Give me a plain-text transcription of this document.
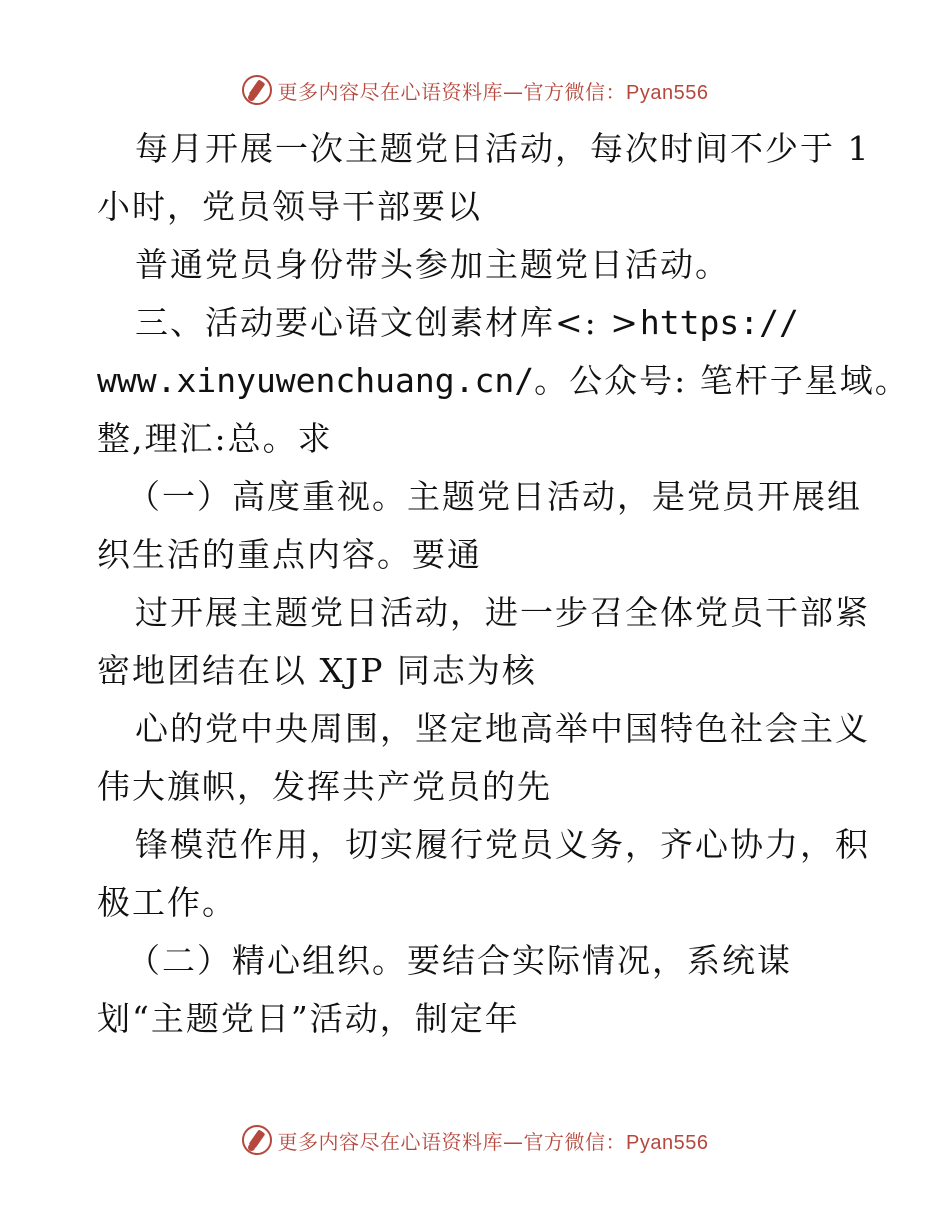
更多内容尽在心语资料库—官方微信：Pyan556
每月开展一次主题党日活动，每次时间不少于 1
小时，党员领导干部要以
普通党员身份带头参加主题党日活动。
三、活动要心语文创素材库<: >https://
www.xinyuwenchuang.cn/。公众号: 笔杆子星域。
整,理汇:总。求
（一）高度重视。主题党日活动，是党员开展组
织生活的重点内容。要通
过开展主题党日活动，进一步召全体党员干部紧
密地团结在以 XJP 同志为核
心的党中央周围，坚定地高举中国特色社会主义
伟大旗帜，发挥共产党员的先
锋模范作用，切实履行党员义务，齐心协力，积
极工作。
（二）精心组织。要结合实际情况，系统谋
划“主题党日”活动，制定年
更多内容尽在心语资料库—官方微信：Pyan556
